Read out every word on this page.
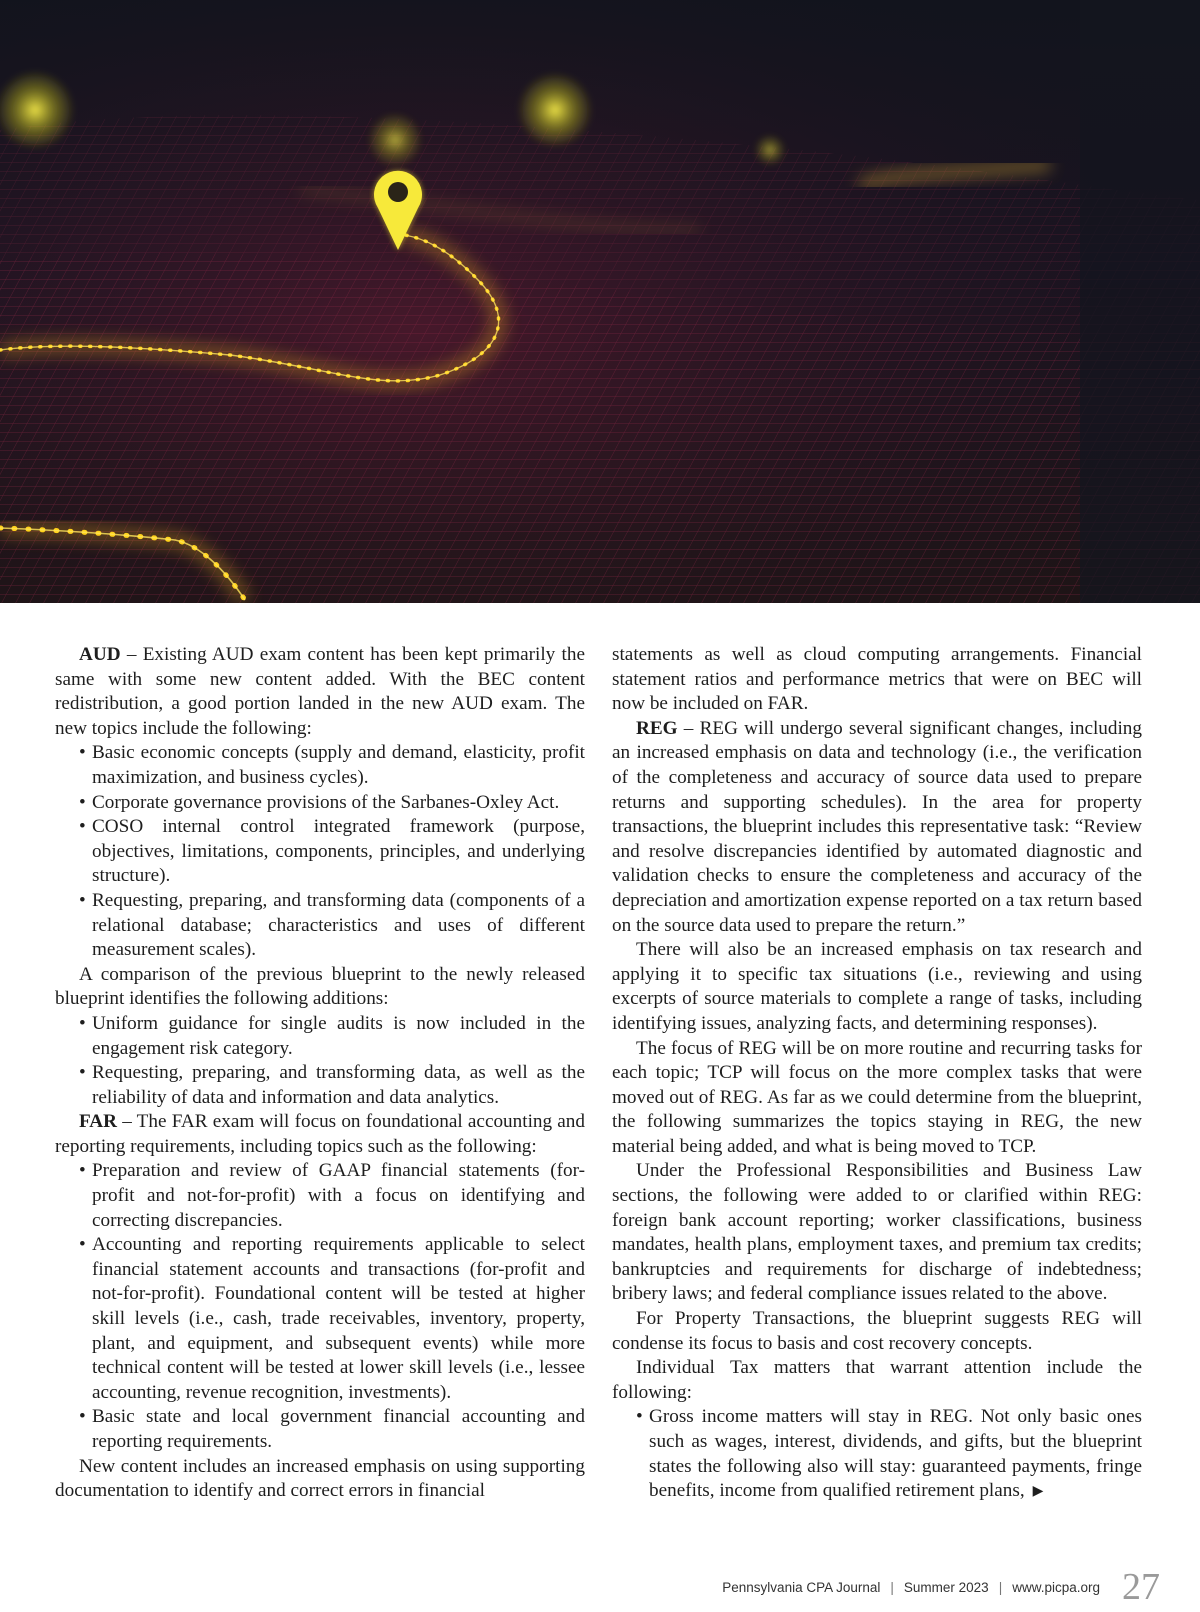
AUD – Existing AUD exam content has been kept primarily the same with some new content added. With the BEC content redistribution, a good portion landed in the new AUD exam. The new topics include the following:

• Basic economic concepts (supply and demand, elasticity, profit maximization, and business cycles).
• Corporate governance provisions of the Sarbanes-Oxley Act.
• COSO internal control integrated framework (purpose, objectives, limitations, components, principles, and underlying structure).
• Requesting, preparing, and transforming data (components of a relational database; characteristics and uses of different measurement scales).

A comparison of the previous blueprint to the newly released blueprint identifies the following additions:

• Uniform guidance for single audits is now included in the engagement risk category.
• Requesting, preparing, and transforming data, as well as the reliability of data and information and data analytics.

FAR – The FAR exam will focus on foundational accounting and reporting requirements, including topics such as the following:

• Preparation and review of GAAP financial statements (for-profit and not-for-profit) with a focus on identifying and correcting discrepancies.
• Accounting and reporting requirements applicable to select financial statement accounts and transactions (for-profit and not-for-profit). Foundational content will be tested at higher skill levels (i.e., cash, trade receivables, inventory, property, plant, and equipment, and subsequent events) while more technical content will be tested at lower skill levels (i.e., lessee accounting, revenue recognition, investments).
• Basic state and local government financial accounting and reporting requirements.

New content includes an increased emphasis on using supporting documentation to identify and correct errors in financial

statements as well as cloud computing arrangements. Financial statement ratios and performance metrics that were on BEC will now be included on FAR.

REG – REG will undergo several significant changes, including an increased emphasis on data and technology (i.e., the verification of the completeness and accuracy of source data used to prepare returns and supporting schedules). In the area for property transactions, the blueprint includes this representative task: “Review and resolve discrepancies identified by automated diagnostic and validation checks to ensure the completeness and accuracy of the depreciation and amortization expense reported on a tax return based on the source data used to prepare the return.”

There will also be an increased emphasis on tax research and applying it to specific tax situations (i.e., reviewing and using excerpts of source materials to complete a range of tasks, including identifying issues, analyzing facts, and determining responses).

The focus of REG will be on more routine and recurring tasks for each topic; TCP will focus on the more complex tasks that were moved out of REG. As far as we could determine from the blueprint, the following summarizes the topics staying in REG, the new material being added, and what is being moved to TCP.

Under the Professional Responsibilities and Business Law sections, the following were added to or clarified within REG: foreign bank account reporting; worker classifications, business mandates, health plans, employment taxes, and premium tax credits; bankruptcies and requirements for discharge of indebtedness; bribery laws; and federal compliance issues related to the above.

For Property Transactions, the blueprint suggests REG will condense its focus to basis and cost recovery concepts.

Individual Tax matters that warrant attention include the following:

• Gross income matters will stay in REG. Not only basic ones such as wages, interest, dividends, and gifts, but the blueprint states the following also will stay: guaranteed payments, fringe benefits, income from qualified retirement plans, ▶
Pennsylvania CPA Journal | Summer 2023 | www.picpa.org 27
